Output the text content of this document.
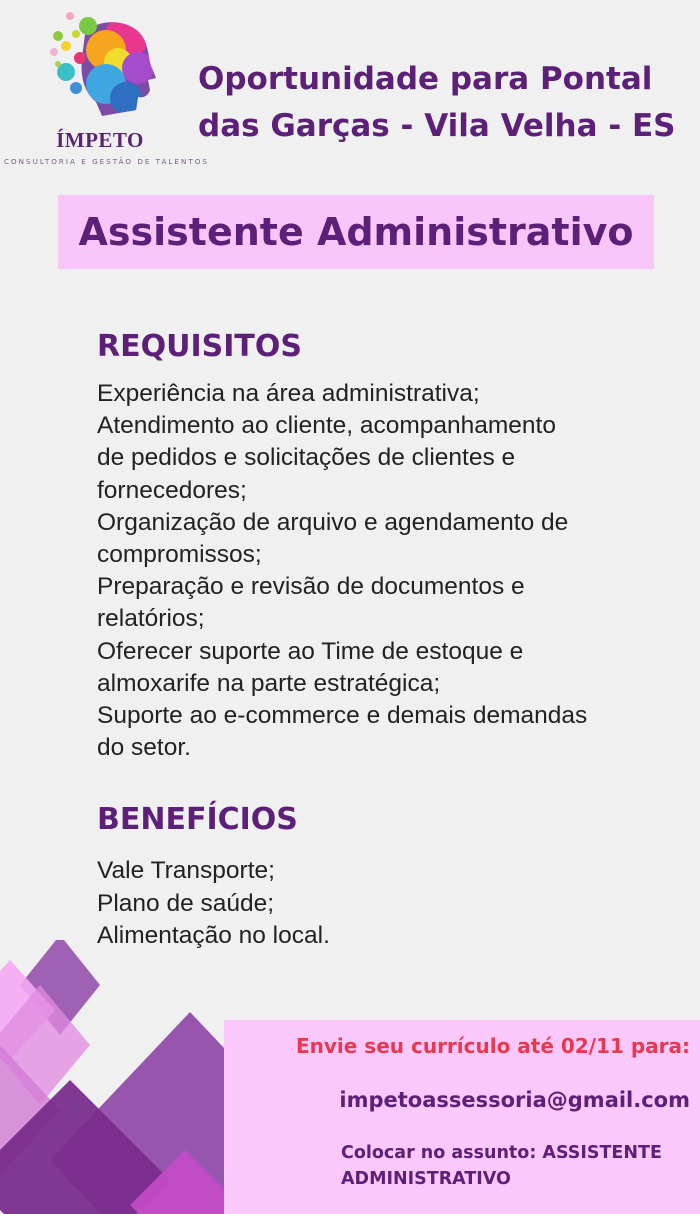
ÍMPETO
CONSULTORIA E GESTÃO DE TALENTOS
Oportunidade para Pontal das Garças - Vila Velha - ES
Assistente Administrativo
REQUISITOS
Experiência na área administrativa;
Atendimento ao cliente, acompanhamento
de pedidos e solicitações de clientes e
fornecedores;
Organização de arquivo e agendamento de
compromissos;
Preparação e revisão de documentos e
relatórios;
Oferecer suporte ao Time de estoque e
almoxarife na parte estratégica;
Suporte ao e-commerce e demais demandas
do setor.
BENEFÍCIOS
Vale Transporte;
Plano de saúde;
Alimentação no local.

Envie seu currículo até 02/11 para:

impetoassessoria@gmail.com

Colocar no assunto: ASSISTENTE
ADMINISTRATIVO
